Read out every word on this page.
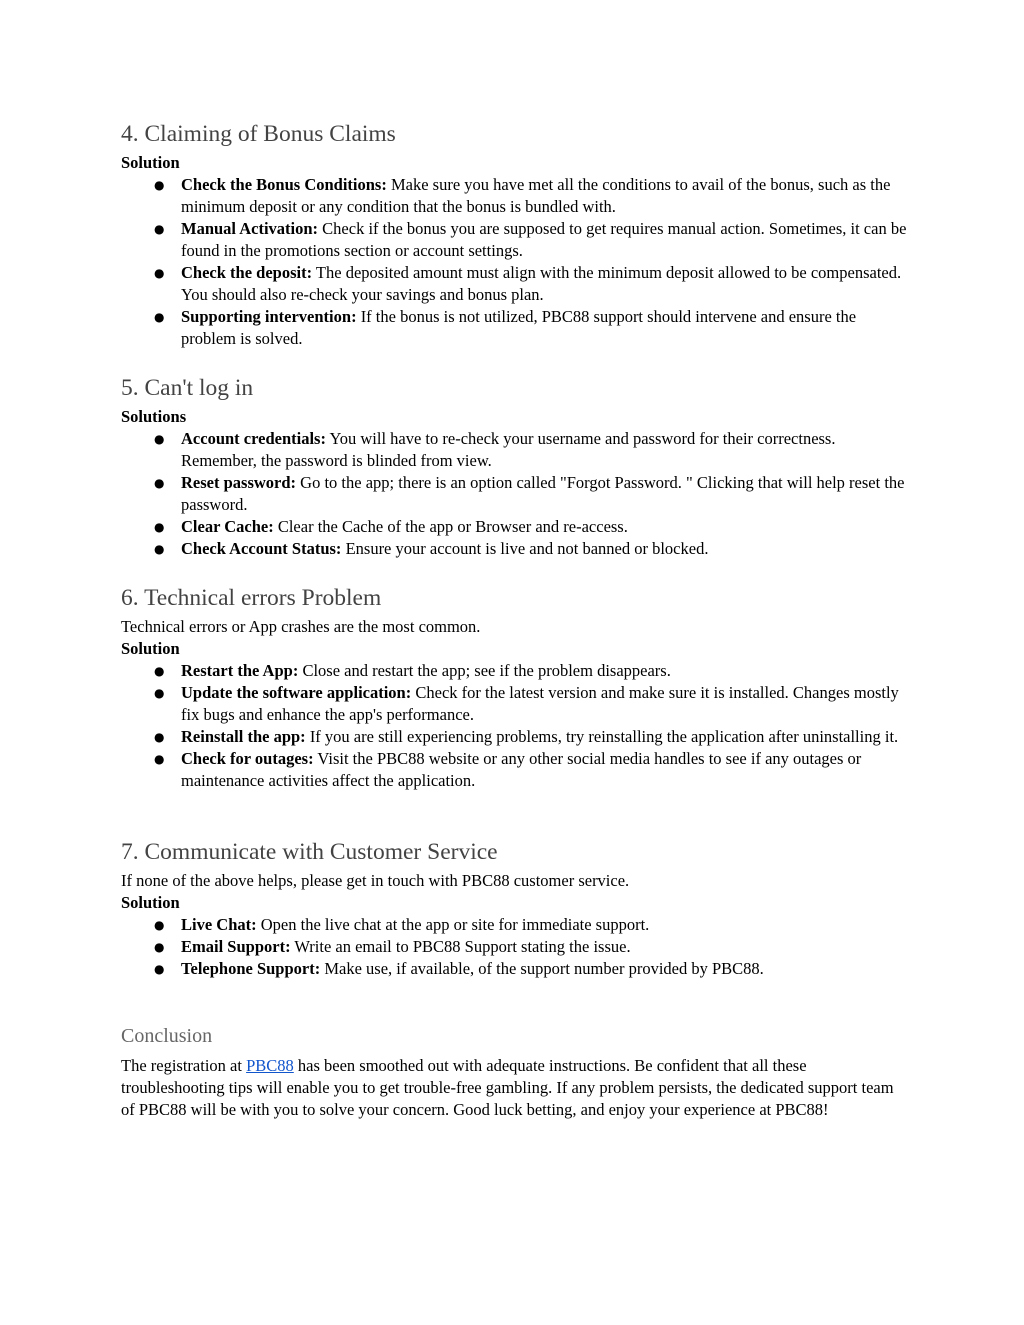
4. Claiming of Bonus Claims
Solution
● Check the Bonus Conditions: Make sure you have met all the conditions to avail of the bonus, such as the minimum deposit or any condition that the bonus is bundled with.
● Manual Activation: Check if the bonus you are supposed to get requires manual action. Sometimes, it can be found in the promotions section or account settings.
● Check the deposit: The deposited amount must align with the minimum deposit allowed to be compensated. You should also re-check your savings and bonus plan.
● Supporting intervention: If the bonus is not utilized, PBC88 support should intervene and ensure the problem is solved.
5. Can't log in
Solutions
● Account credentials: You will have to re-check your username and password for their correctness. Remember, the password is blinded from view.
● Reset password: Go to the app; there is an option called "Forgot Password. " Clicking that will help reset the password.
● Clear Cache: Clear the Cache of the app or Browser and re-access.
● Check Account Status: Ensure your account is live and not banned or blocked.
6. Technical errors Problem

Technical errors or App crashes are the most common.

Solution
● Restart the App: Close and restart the app; see if the problem disappears.
● Update the software application: Check for the latest version and make sure it is installed. Changes mostly fix bugs and enhance the app's performance.
● Reinstall the app: If you are still experiencing problems, try reinstalling the application after uninstalling it.
● Check for outages: Visit the PBC88 website or any other social media handles to see if any outages or maintenance activities affect the application.
7. Communicate with Customer Service

If none of the above helps, please get in touch with PBC88 customer service.

Solution
● Live Chat: Open the live chat at the app or site for immediate support.
● Email Support: Write an email to PBC88 Support stating the issue.
● Telephone Support: Make use, if available, of the support number provided by PBC88.
Conclusion

The registration at PBC88 has been smoothed out with adequate instructions. Be confident that all these troubleshooting tips will enable you to get trouble-free gambling. If any problem persists, the dedicated support team of PBC88 will be with you to solve your concern. Good luck betting, and enjoy your experience at PBC88!
